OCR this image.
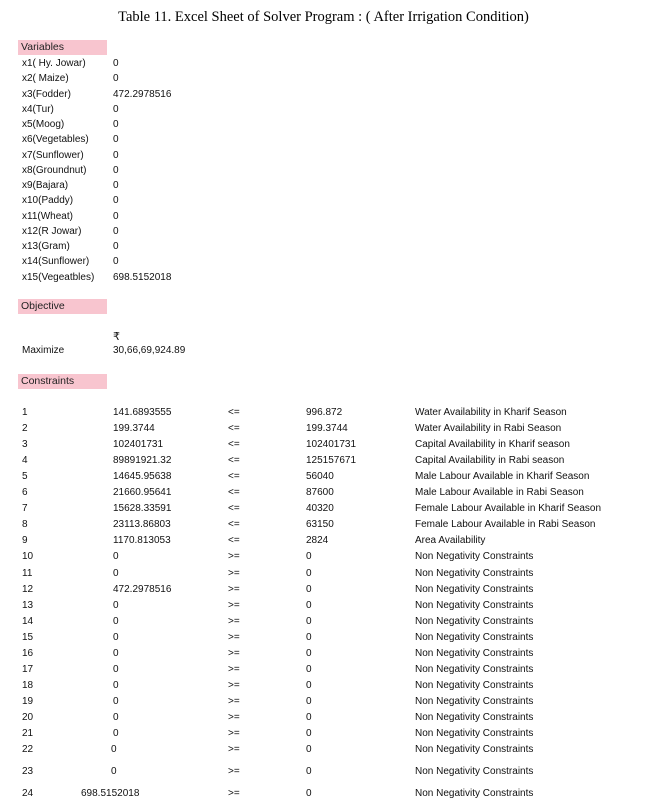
Table 11. Excel Sheet of Solver Program : ( After Irrigation Condition)
Variables
x1( Hy. Jowar)	0
x2( Maize)	0
x3(Fodder)	472.2978516
x4(Tur)	0
x5(Moog)	0
x6(Vegetables) 0
x7(Sunflower)	0
x8(Groundnut)	0
x9(Bajara)	0
x10(Paddy)	0
x11(Wheat)	0
x12(R Jowar)	0
x13(Gram)	0
x14(Sunflower) 0
x15(Vegeatbles) 698.5152018
Objective
₹
Maximize	30,66,69,924.89
Constraints
1	141.6893555	<=	996.872	Water Availability in Kharif Season
2	199.3744	<=	199.3744	Water Availability in Rabi Season
3	102401731	<=	102401731	Capital Availability in Kharif season
4	89891921.32	<=	125157671	Capital Availability in Rabi season
5	14645.95638	<=	56040	Male Labour Available in Kharif Season
6	21660.95641	<=	87600	Male Labour Available in Rabi Season
7	15628.33591	<=	40320	Female Labour Available in Kharif Season
8	23113.86803	<=	63150	Female Labour Available in Rabi Season
9	1170.813053	<=	2824	Area Availability
10	0	>=	0	Non Negativity Constraints
11	0	>=	0	Non Negativity Constraints
12	472.2978516	>=	0	Non Negativity Constraints
13	0	>=	0	Non Negativity Constraints
14	0	>=	0	Non Negativity Constraints
15	0	>=	0	Non Negativity Constraints
16	0	>=	0	Non Negativity Constraints
17	0	>=	0	Non Negativity Constraints
18	0	>=	0	Non Negativity Constraints
19	0	>=	0	Non Negativity Constraints
20	0	>=	0	Non Negativity Constraints
21	0	>=	0	Non Negativity Constraints
22	0	>=	0	Non Negativity Constraints
23	0	>=	0	Non Negativity Constraints
24	698.5152018	>=	0	Non Negativity Constraints
